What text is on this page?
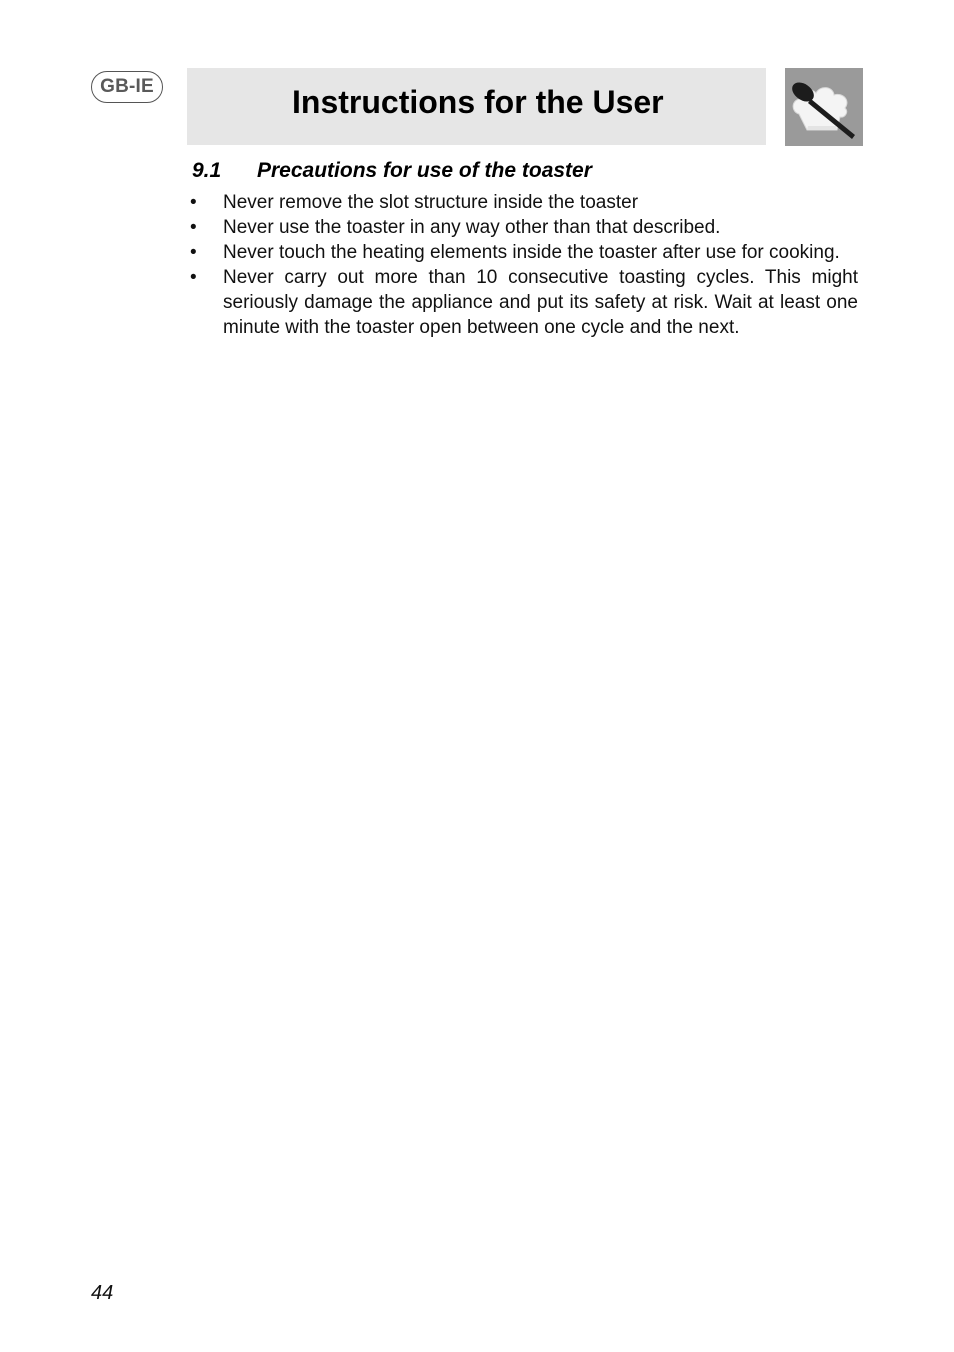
GB-IE	Instructions for the User
9.1 Precautions for use of the toaster
• Never remove the slot structure inside the toaster
• Never use the toaster in any way other than that described.
• Never touch the heating elements inside the toaster after use for cooking.
• Never carry out more than 10 consecutive toasting cycles. This might seriously damage the appliance and put its safety at risk. Wait at least one minute with the toaster open between one cycle and the next.
44
